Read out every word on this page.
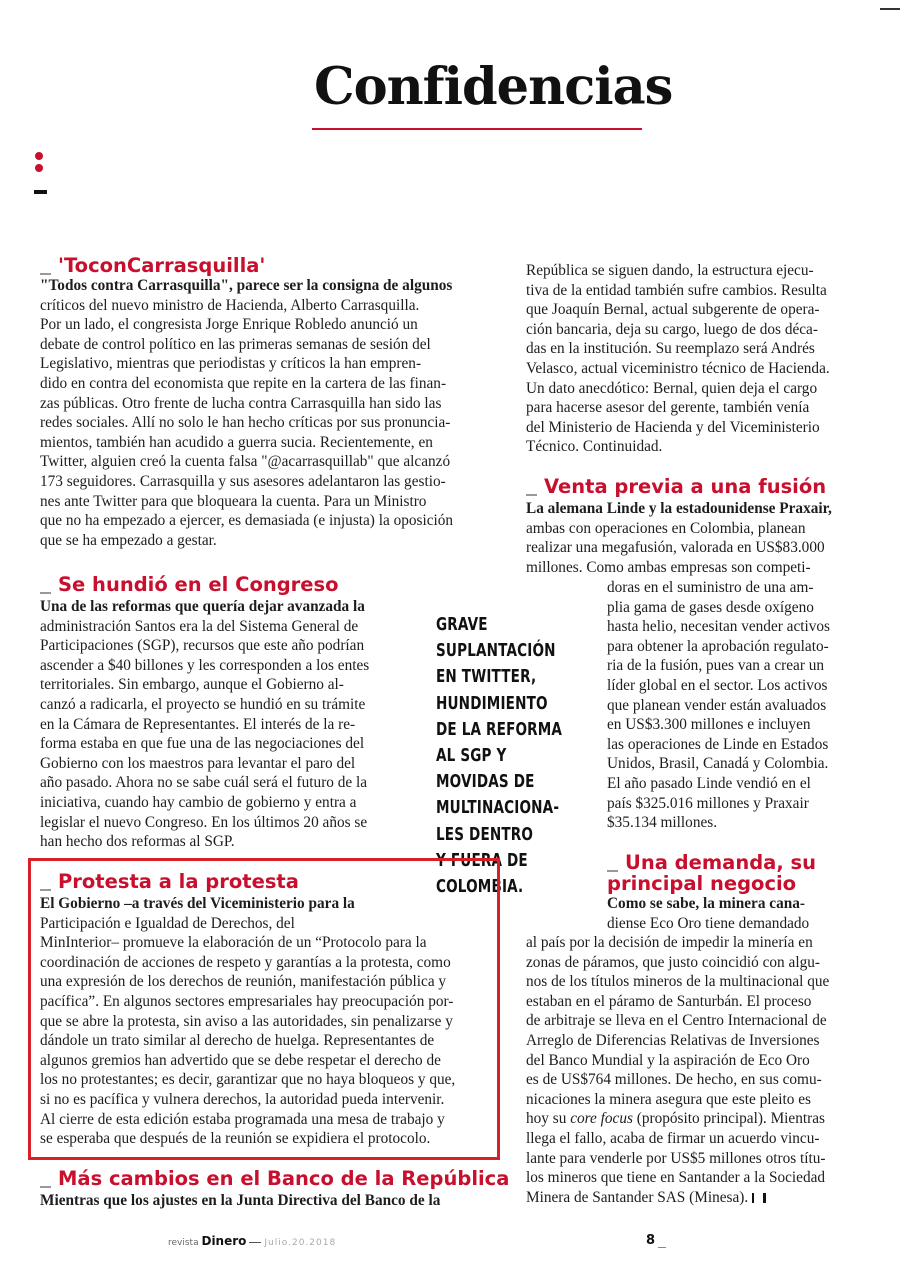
Confidencias
'ToconCarrasquilla'
"Todos contra Carrasquilla", parece ser la consigna de algunos
críticos del nuevo ministro de Hacienda, Alberto Carrasquilla.
Por un lado, el congresista Jorge Enrique Robledo anunció un
debate de control político en las primeras semanas de sesión del
Legislativo, mientras que periodistas y críticos la han empren-
dido en contra del economista que repite en la cartera de las finan-
zas públicas. Otro frente de lucha contra Carrasquilla han sido las
redes sociales. Allí no solo le han hecho críticas por sus pronuncia-
mientos, también han acudido a guerra sucia. Recientemente, en
Twitter, alguien creó la cuenta falsa "@acarrasquillab" que alcanzó
173 seguidores. Carrasquilla y sus asesores adelantaron las gestio-
nes ante Twitter para que bloqueara la cuenta. Para un Ministro
que no ha empezado a ejercer, es demasiada (e injusta) la oposición
que se ha empezado a gestar.
Se hundió en el Congreso
Una de las reformas que quería dejar avanzada la
administración Santos era la del Sistema General de
Participaciones (SGP), recursos que este año podrían
ascender a $40 billones y les corresponden a los entes
territoriales. Sin embargo, aunque el Gobierno al-
canzó a radicarla, el proyecto se hundió en su trámite
en la Cámara de Representantes. El interés de la re-
forma estaba en que fue una de las negociaciones del
Gobierno con los maestros para levantar el paro del
año pasado. Ahora no se sabe cuál será el futuro de la
iniciativa, cuando hay cambio de gobierno y entra a
legislar el nuevo Congreso. En los últimos 20 años se
han hecho dos reformas al SGP.
GRAVE
SUPLANTACIÓN
EN TWITTER,
HUNDIMIENTO
DE LA REFORMA
AL SGP Y
MOVIDAS DE
MULTINACIONA-
LES DENTRO
Y FUERA DE
COLOMBIA.
Protesta a la protesta
El Gobierno –a través del Viceministerio para la
Participación e Igualdad de Derechos, del
MinInterior– promueve la elaboración de un “Protocolo para la
coordinación de acciones de respeto y garantías a la protesta, como
una expresión de los derechos de reunión, manifestación pública y
pacífica”. En algunos sectores empresariales hay preocupación por-
que se abre la protesta, sin aviso a las autoridades, sin penalizarse y
dándole un trato similar al derecho de huelga. Representantes de
algunos gremios han advertido que se debe respetar el derecho de
los no protestantes; es decir, garantizar que no haya bloqueos y que,
si no es pacífica y vulnera derechos, la autoridad pueda intervenir.
Al cierre de esta edición estaba programada una mesa de trabajo y
se esperaba que después de la reunión se expidiera el protocolo.
Más cambios en el Banco de la República
Mientras que los ajustes en la Junta Directiva del Banco de la
República se siguen dando, la estructura ejecu-
tiva de la entidad también sufre cambios. Resulta
que Joaquín Bernal, actual subgerente de opera-
ción bancaria, deja su cargo, luego de dos déca-
das en la institución. Su reemplazo será Andrés
Velasco, actual viceministro técnico de Hacienda.
Un dato anecdótico: Bernal, quien deja el cargo
para hacerse asesor del gerente, también venía
del Ministerio de Hacienda y del Viceministerio
Técnico. Continuidad.
Venta previa a una fusión
La alemana Linde y la estadounidense Praxair,
ambas con operaciones en Colombia, planean
realizar una megafusión, valorada en US$83.000
millones. Como ambas empresas son competi-
doras en el suministro de una am-
plia gama de gases desde oxígeno
hasta helio, necesitan vender activos
para obtener la aprobación regulato-
ria de la fusión, pues van a crear un
líder global en el sector. Los activos
que planean vender están avaluados
en US$3.300 millones e incluyen
las operaciones de Linde en Estados
Unidos, Brasil, Canadá y Colombia.
El año pasado Linde vendió en el
país $325.016 millones y Praxair
$35.134 millones.
Una demanda, su
principal negocio
Como se sabe, la minera cana-
diense Eco Oro tiene demandado
al país por la decisión de impedir la minería en
zonas de páramos, que justo coincidió con algu-
nos de los títulos mineros de la multinacional que
estaban en el páramo de Santurbán. El proceso
de arbitraje se lleva en el Centro Internacional de
Arreglo de Diferencias Relativas de Inversiones
del Banco Mundial y la aspiración de Eco Oro
es de US$764 millones. De hecho, en sus comu-
nicaciones la minera asegura que este pleito es
hoy su core focus (propósito principal). Mientras
llega el fallo, acaba de firmar un acuerdo vincu-
lante para venderle por US$5 millones otros títu-
los mineros que tiene en Santander a la Sociedad
Minera de Santander SAS (Minesa).
revista Dinero Julio.20.2018	8
